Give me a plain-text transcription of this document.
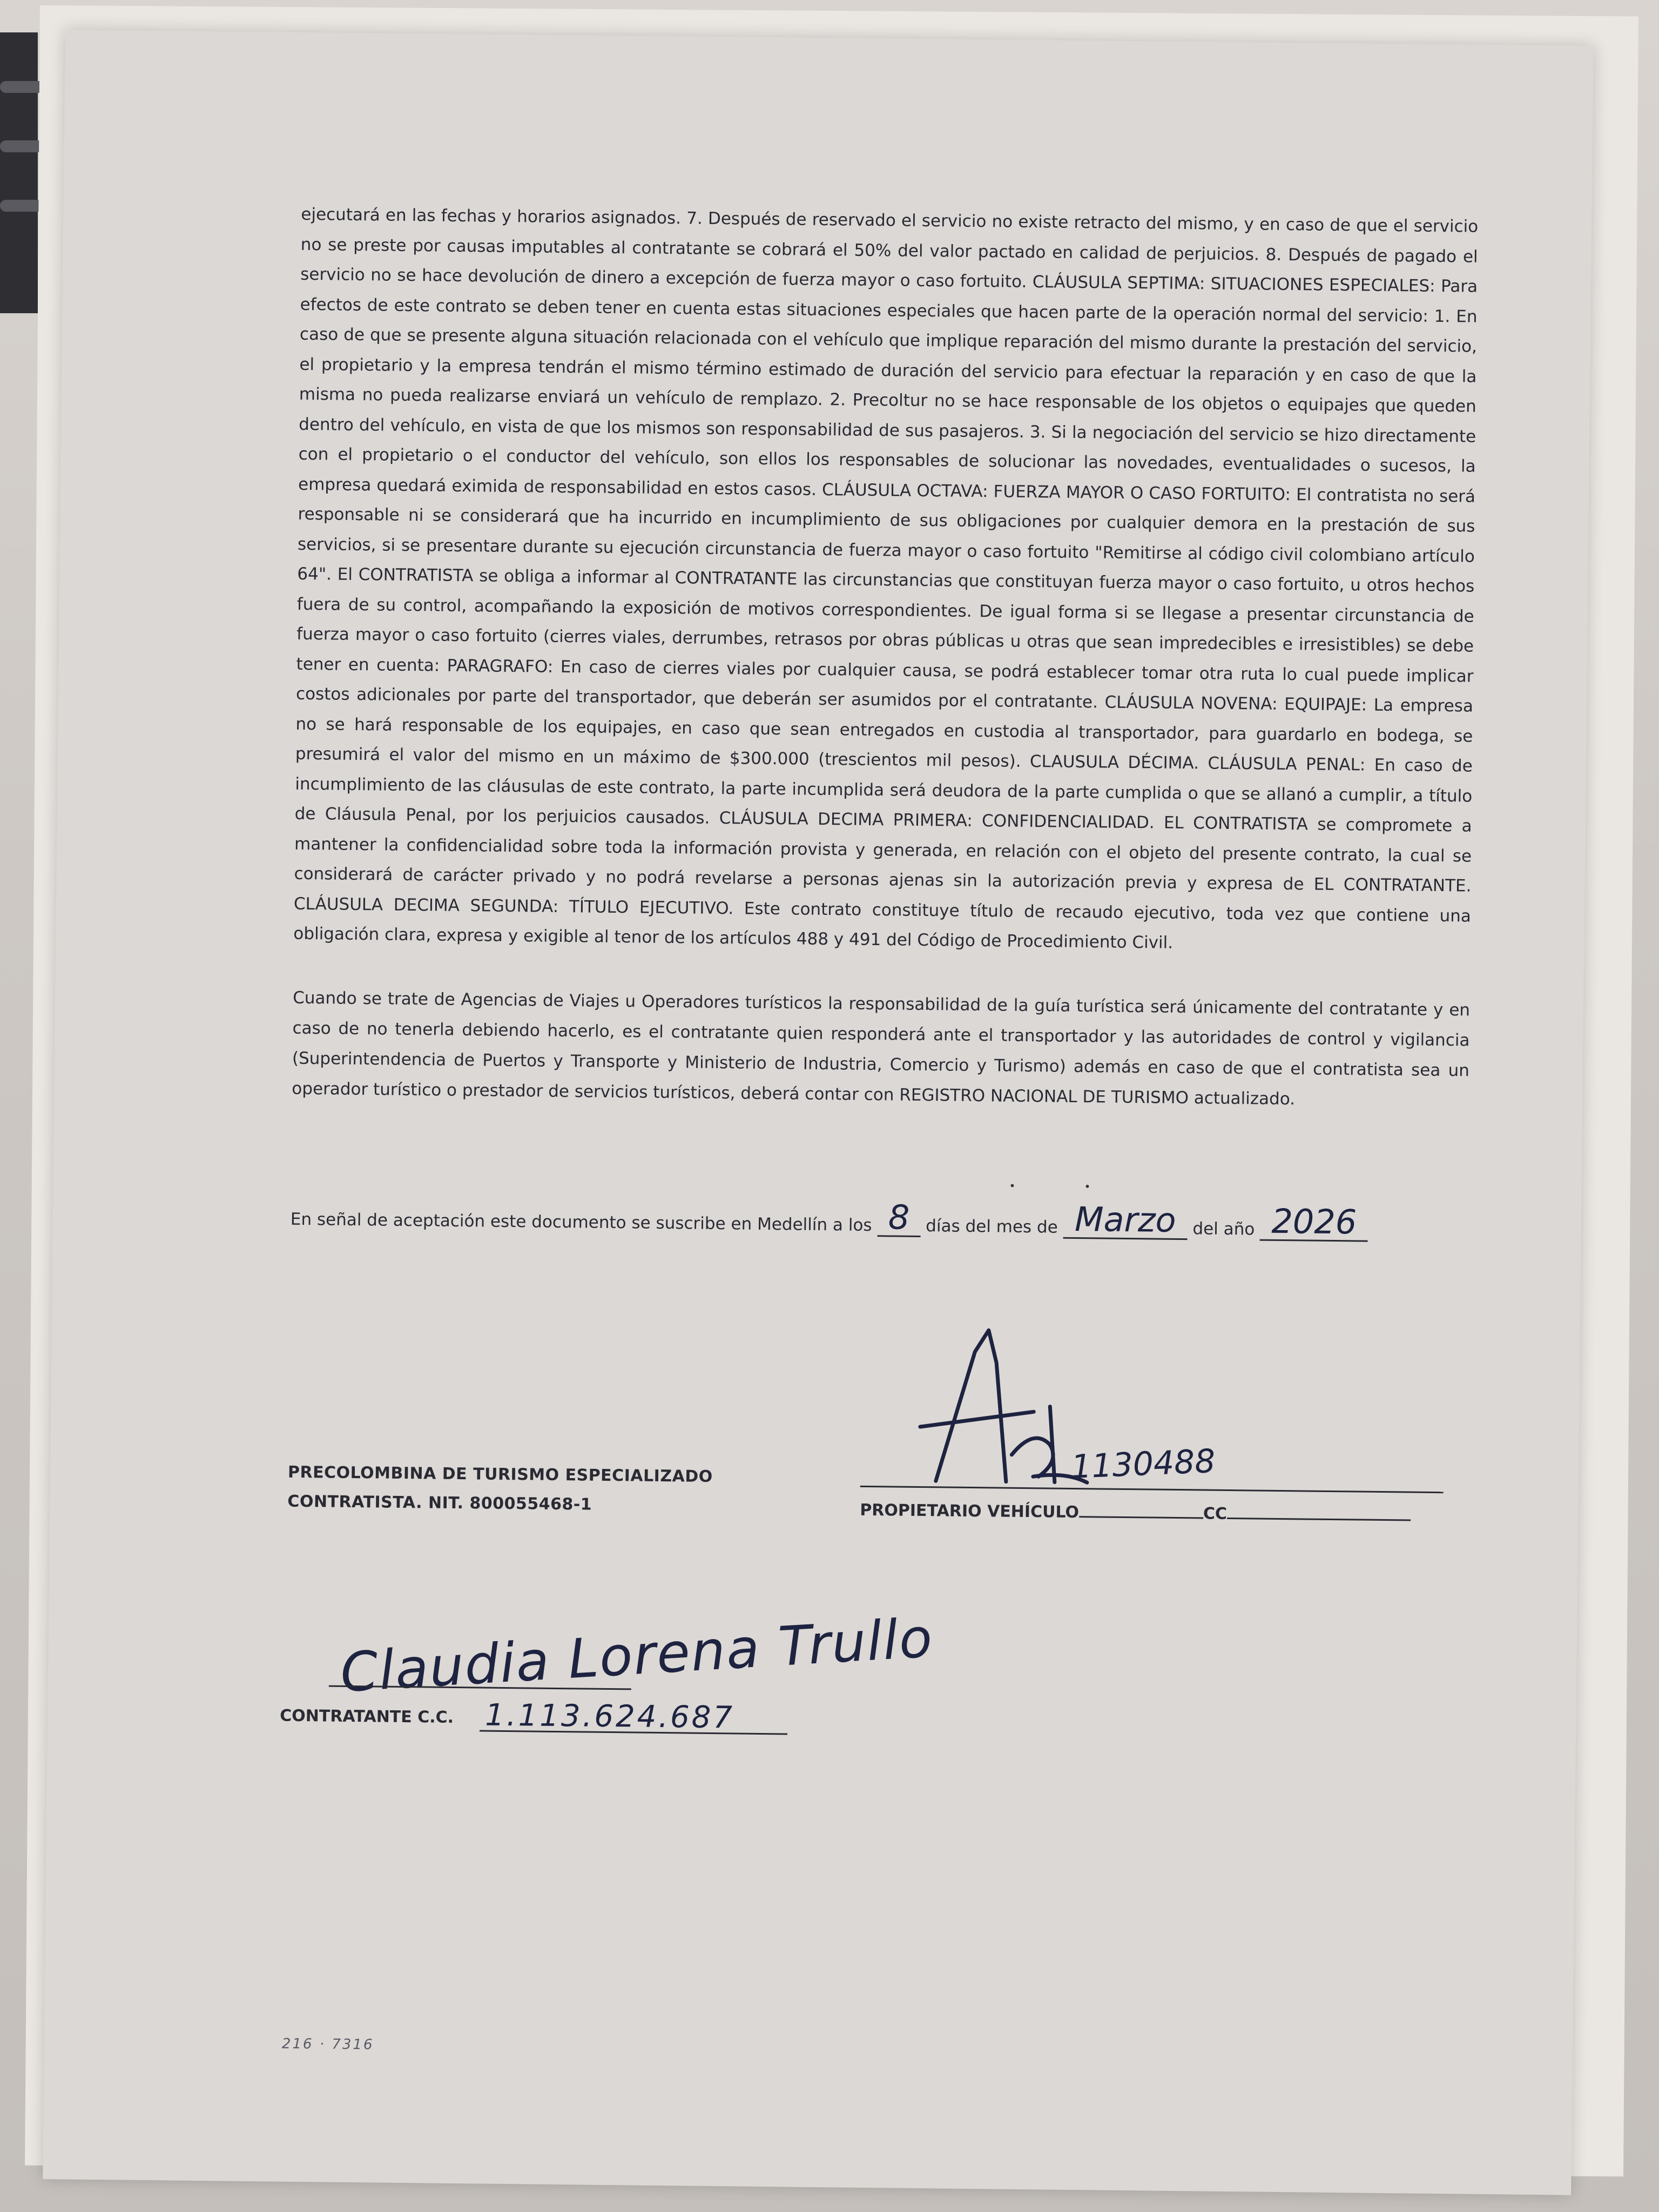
ejecutará en las fechas y horarios asignados. 7. Después de reservado el servicio no existe retracto del mismo, y en caso de que el servicio no se preste por causas imputables al contratante se cobrará el 50% del valor pactado en calidad de perjuicios. 8. Después de pagado el servicio no se hace devolución de dinero a excepción de fuerza mayor o caso fortuito. CLÁUSULA SEPTIMA: SITUACIONES ESPECIALES: Para efectos de este contrato se deben tener en cuenta estas situaciones especiales que hacen parte de la operación normal del servicio: 1. En caso de que se presente alguna situación relacionada con el vehículo que implique reparación del mismo durante la prestación del servicio, el propietario y la empresa tendrán el mismo término estimado de duración del servicio para efectuar la reparación y en caso de que la misma no pueda realizarse enviará un vehículo de remplazo. 2. Precoltur no se hace responsable de los objetos o equipajes que queden dentro del vehículo, en vista de que los mismos son responsabilidad de sus pasajeros. 3. Si la negociación del servicio se hizo directamente con el propietario o el conductor del vehículo, son ellos los responsables de solucionar las novedades, eventualidades o sucesos, la empresa quedará eximida de responsabilidad en estos casos. CLÁUSULA OCTAVA: FUERZA MAYOR O CASO FORTUITO: El contratista no será responsable ni se considerará que ha incurrido en incumplimiento de sus obligaciones por cualquier demora en la prestación de sus servicios, si se presentare durante su ejecución circunstancia de fuerza mayor o caso fortuito "Remitirse al código civil colombiano artículo 64". El CONTRATISTA se obliga a informar al CONTRATANTE las circunstancias que constituyan fuerza mayor o caso fortuito, u otros hechos fuera de su control, acompañando la exposición de motivos correspondientes. De igual forma si se llegase a presentar circunstancia de fuerza mayor o caso fortuito (cierres viales, derrumbes, retrasos por obras públicas u otras que sean impredecibles e irresistibles) se debe tener en cuenta: PARAGRAFO: En caso de cierres viales por cualquier causa, se podrá establecer tomar otra ruta lo cual puede implicar costos adicionales por parte del transportador, que deberán ser asumidos por el contratante. CLÁUSULA NOVENA: EQUIPAJE: La empresa no se hará responsable de los equipajes, en caso que sean entregados en custodia al transportador, para guardarlo en bodega, se presumirá el valor del mismo en un máximo de $300.000 (trescientos mil pesos). CLAUSULA DÉCIMA. CLÁUSULA PENAL: En caso de incumplimiento de las cláusulas de este contrato, la parte incumplida será deudora de la parte cumplida o que se allanó a cumplir, a título de Cláusula Penal, por los perjuicios causados. CLÁUSULA DECIMA PRIMERA: CONFIDENCIALIDAD. EL CONTRATISTA se compromete a mantener la confidencialidad sobre toda la información provista y generada, en relación con el objeto del presente contrato, la cual se considerará de carácter privado y no podrá revelarse a personas ajenas sin la autorización previa y expresa de EL CONTRATANTE. CLÁUSULA DECIMA SEGUNDA: TÍTULO EJECUTIVO. Este contrato constituye título de recaudo ejecutivo, toda vez que contiene una obligación clara, expresa y exigible al tenor de los artículos 488 y 491 del Código de Procedimiento Civil.

Cuando se trate de Agencias de Viajes u Operadores turísticos la responsabilidad de la guía turística será únicamente del contratante y en caso de no tenerla debiendo hacerlo, es el contratante quien responderá ante el transportador y las autoridades de control y vigilancia (Superintendencia de Puertos y Transporte y Ministerio de Industria, Comercio y Turismo) además en caso de que el contratista sea un operador turístico o prestador de servicios turísticos, deberá contar con REGISTRO NACIONAL DE TURISMO actualizado.

•                    •
En señal de aceptación este documento se suscribe en Medellín a los 8 días del mes de Marzo del año 2026

PRECOLOMBINA DE TURISMO ESPECIALIZADO
CONTRATISTA. NIT. 800055468-1
1130488
PROPIETARIO VEHÍCULO	CC
Claudia Lorena Trullo
CONTRATANTE C.C. 1.113.624.687
216 · 7316
